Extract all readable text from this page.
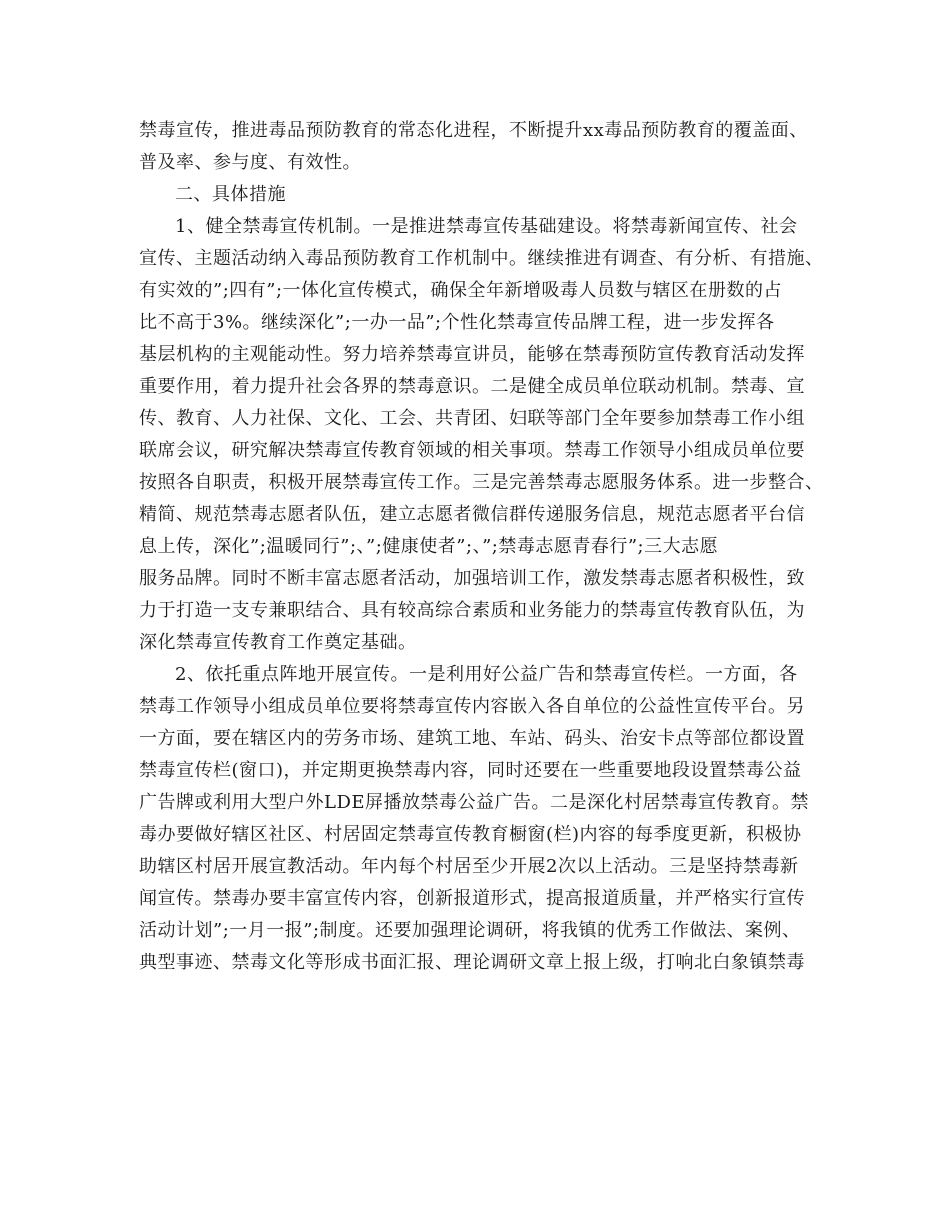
禁毒宣传，推进毒品预防教育的常态化进程，不断提升xx毒品预防教育的覆盖面、
普及率、参与度、有效性。
二、具体措施
1、健全禁毒宣传机制。一是推进禁毒宣传基础建设。将禁毒新闻宣传、社会
宣传、主题活动纳入毒品预防教育工作机制中。继续推进有调查、有分析、有措施、
有实效的”;四有”;一体化宣传模式，确保全年新增吸毒人员数与辖区在册数的占
比不高于3%。继续深化”;一办一品”;个性化禁毒宣传品牌工程，进一步发挥各
基层机构的主观能动性。努力培养禁毒宣讲员，能够在禁毒预防宣传教育活动发挥
重要作用，着力提升社会各界的禁毒意识。二是健全成员单位联动机制。禁毒、宣
传、教育、人力社保、文化、工会、共青团、妇联等部门全年要参加禁毒工作小组
联席会议，研究解决禁毒宣传教育领域的相关事项。禁毒工作领导小组成员单位要
按照各自职责，积极开展禁毒宣传工作。三是完善禁毒志愿服务体系。进一步整合、
精简、规范禁毒志愿者队伍，建立志愿者微信群传递服务信息，规范志愿者平台信
息上传，深化”;温暖同行”;、”;健康使者”;、”;禁毒志愿青春行”;三大志愿
服务品牌。同时不断丰富志愿者活动，加强培训工作，激发禁毒志愿者积极性，致
力于打造一支专兼职结合、具有较高综合素质和业务能力的禁毒宣传教育队伍，为
深化禁毒宣传教育工作奠定基础。
2、依托重点阵地开展宣传。一是利用好公益广告和禁毒宣传栏。一方面，各
禁毒工作领导小组成员单位要将禁毒宣传内容嵌入各自单位的公益性宣传平台。另
一方面，要在辖区内的劳务市场、建筑工地、车站、码头、治安卡点等部位都设置
禁毒宣传栏(窗口)，并定期更换禁毒内容，同时还要在一些重要地段设置禁毒公益
广告牌或利用大型户外LDE屏播放禁毒公益广告。二是深化村居禁毒宣传教育。禁
毒办要做好辖区社区、村居固定禁毒宣传教育橱窗(栏)内容的每季度更新，积极协
助辖区村居开展宣教活动。年内每个村居至少开展2次以上活动。三是坚持禁毒新
闻宣传。禁毒办要丰富宣传内容，创新报道形式，提高报道质量，并严格实行宣传
活动计划”;一月一报”;制度。还要加强理论调研，将我镇的优秀工作做法、案例、
典型事迹、禁毒文化等形成书面汇报、理论调研文章上报上级，打响北白象镇禁毒
